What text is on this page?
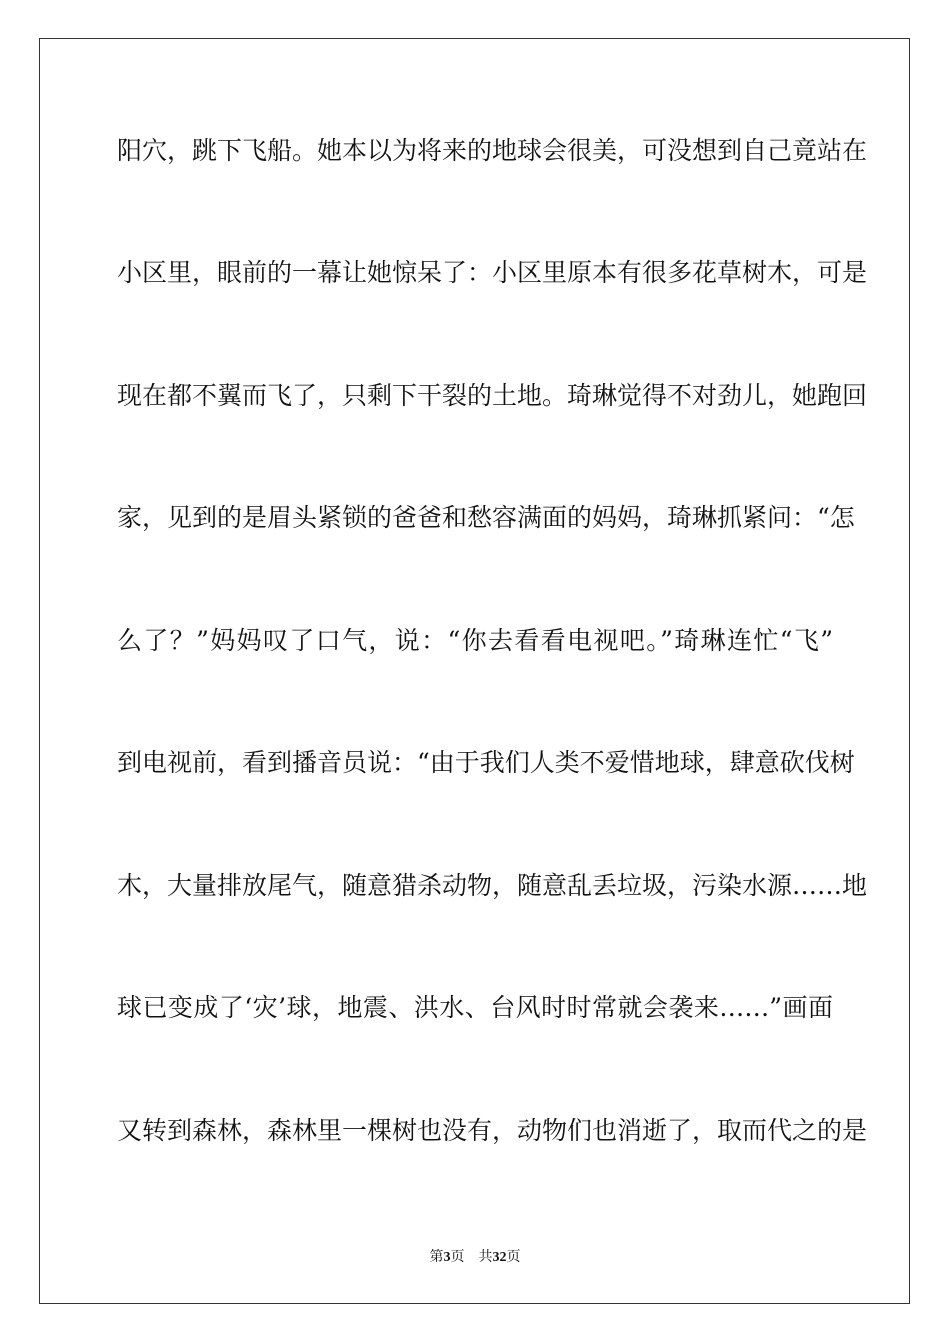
阳穴，跳下飞船。她本以为将来的地球会很美，可没想到自己竟站在
小区里，眼前的一幕让她惊呆了：小区里原本有很多花草树木，可是
现在都不翼而飞了，只剩下干裂的土地。琦琳觉得不对劲儿，她跑回
家，见到的是眉头紧锁的爸爸和愁容满面的妈妈，琦琳抓紧问：“怎
么了？”妈妈叹了口气，说：“你去看看电视吧。”琦琳连忙“飞”
到电视前，看到播音员说：“由于我们人类不爱惜地球，肆意砍伐树
木，大量排放尾气，随意猎杀动物，随意乱丢垃圾，污染水源……地
球已变成了‘灾’球，地震、洪水、台风时时常就会袭来……”画面
又转到森林，森林里一棵树也没有，动物们也消逝了，取而代之的是
第3页 共32页
